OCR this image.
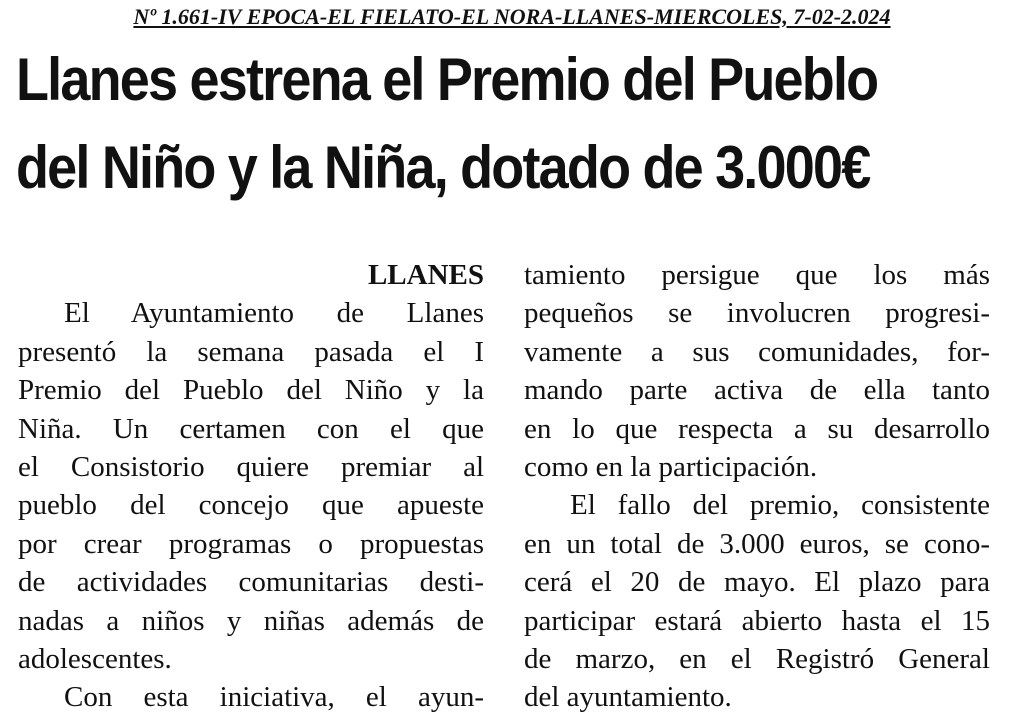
Nº 1.661-IV EPOCA-EL FIELATO-EL NORA-LLANES-MIERCOLES, 7-02-2.024
Llanes estrena el Premio del Pueblo
del Niño y la Niña, dotado de 3.000€
LLANES
El Ayuntamiento de Llanes
presentó la semana pasada el I
Premio del Pueblo del Niño y la
Niña. Un certamen con el que
el Consistorio quiere premiar al
pueblo del concejo que apueste
por crear programas o propuestas
de actividades comunitarias desti-
nadas a niños y niñas además de
adolescentes.
Con esta iniciativa, el ayun-
tamiento persigue que los más
pequeños se involucren progresi-
vamente a sus comunidades, for-
mando parte activa de ella tanto
en lo que respecta a su desarrollo
como en la participación.
El fallo del premio, consistente
en un total de 3.000 euros, se cono-
cerá el 20 de mayo. El plazo para
participar estará abierto hasta el 15
de marzo, en el Registró General
del ayuntamiento.
